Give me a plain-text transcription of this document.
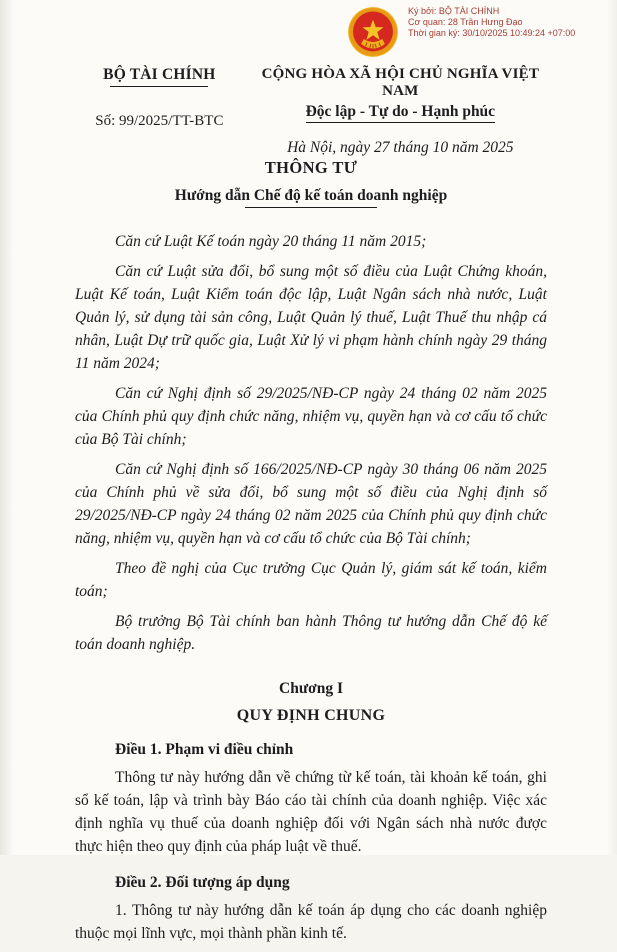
Ký bởi: BỘ TÀI CHÍNH
Cơ quan: 28 Trần Hưng Đạo
Thời gian ký: 30/10/2025 10:49:24 +07:00
BỘ TÀI CHÍNH
Số: 99/2025/TT-BTC
CỘNG HÒA XÃ HỘI CHỦ NGHĨA VIỆT NAM
Độc lập - Tự do - Hạnh phúc
Hà Nội, ngày 27 tháng 10 năm 2025
THÔNG TƯ
Hướng dẫn Chế độ kế toán doanh nghiệp

Căn cứ Luật Kế toán ngày 20 tháng 11 năm 2015;

Căn cứ Luật sửa đổi, bổ sung một số điều của Luật Chứng khoán, Luật Kế toán, Luật Kiểm toán độc lập, Luật Ngân sách nhà nước, Luật Quản lý, sử dụng tài sản công, Luật Quản lý thuế, Luật Thuế thu nhập cá nhân, Luật Dự trữ quốc gia, Luật Xử lý vi phạm hành chính ngày 29 tháng 11 năm 2024;

Căn cứ Nghị định số 29/2025/NĐ-CP ngày 24 tháng 02 năm 2025 của Chính phủ quy định chức năng, nhiệm vụ, quyền hạn và cơ cấu tổ chức của Bộ Tài chính;

Căn cứ Nghị định số 166/2025/NĐ-CP ngày 30 tháng 06 năm 2025 của Chính phủ về sửa đổi, bổ sung một số điều của Nghị định số 29/2025/NĐ-CP ngày 24 tháng 02 năm 2025 của Chính phủ quy định chức năng, nhiệm vụ, quyền hạn và cơ cấu tổ chức của Bộ Tài chính;

Theo đề nghị của Cục trưởng Cục Quản lý, giám sát kế toán, kiểm toán;

Bộ trưởng Bộ Tài chính ban hành Thông tư hướng dẫn Chế độ kế toán doanh nghiệp.

Chương I
QUY ĐỊNH CHUNG

Điều 1. Phạm vi điều chỉnh

Thông tư này hướng dẫn về chứng từ kế toán, tài khoản kế toán, ghi sổ kế toán, lập và trình bày Báo cáo tài chính của doanh nghiệp. Việc xác định nghĩa vụ thuế của doanh nghiệp đối với Ngân sách nhà nước được thực hiện theo quy định của pháp luật về thuế.

Điều 2. Đối tượng áp dụng

1. Thông tư này hướng dẫn kế toán áp dụng cho các doanh nghiệp thuộc mọi lĩnh vực, mọi thành phần kinh tế.
